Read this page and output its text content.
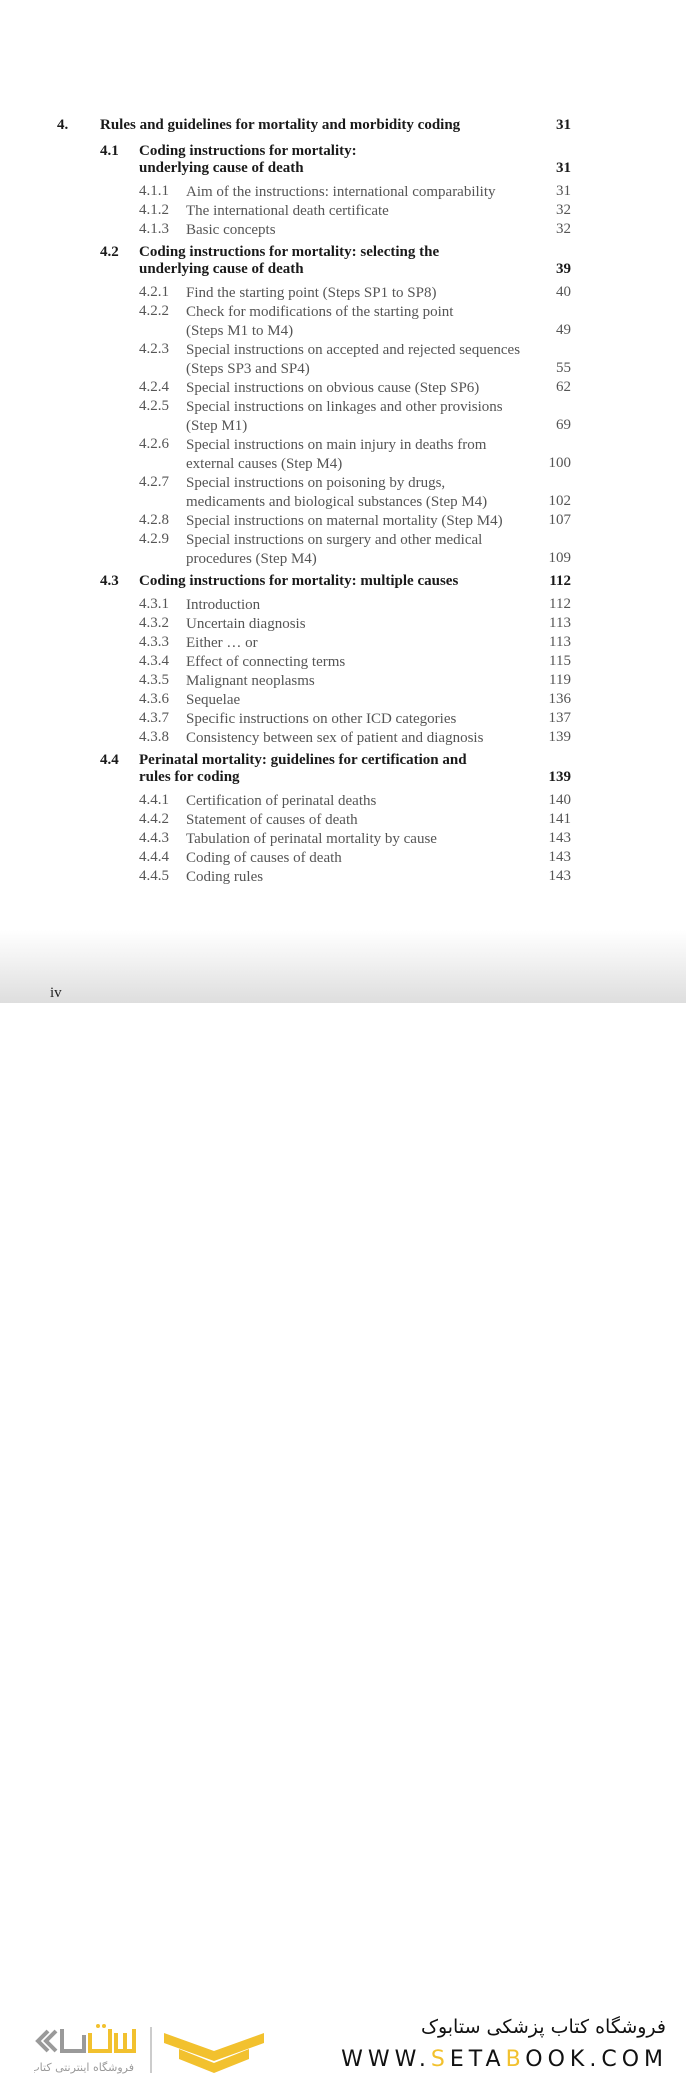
4. Rules and guidelines for mortality and morbidity coding	31
4.1 Coding instructions for mortality:
underlying cause of death	31
4.1.1 Aim of the instructions: international comparability	31
4.1.2 The international death certificate	32
4.1.3 Basic concepts	32
4.2 Coding instructions for mortality: selecting the
underlying cause of death	39
4.2.1 Find the starting point (Steps SP1 to SP8)	40
4.2.2 Check for modifications of the starting point
(Steps M1 to M4)	49
4.2.3 Special instructions on accepted and rejected sequences
(Steps SP3 and SP4)	55
4.2.4 Special instructions on obvious cause (Step SP6)	62
4.2.5 Special instructions on linkages and other provisions
(Step M1)	69
4.2.6 Special instructions on main injury in deaths from
external causes (Step M4)	100
4.2.7 Special instructions on poisoning by drugs,
medicaments and biological substances (Step M4)	102
4.2.8 Special instructions on maternal mortality (Step M4)	107
4.2.9 Special instructions on surgery and other medical
procedures (Step M4)	109
4.3 Coding instructions for mortality: multiple causes	112
4.3.1 Introduction	112
4.3.2 Uncertain diagnosis	113
4.3.3 Either … or	113
4.3.4 Effect of connecting terms	115
4.3.5 Malignant neoplasms	119
4.3.6 Sequelae	136
4.3.7 Specific instructions on other ICD categories	137
4.3.8 Consistency between sex of patient and diagnosis	139
4.4 Perinatal mortality: guidelines for certification and
rules for coding	139
4.4.1 Certification of perinatal deaths	140
4.4.2 Statement of causes of death	141
4.4.3 Tabulation of perinatal mortality by cause	143
4.4.4 Coding of causes of death	143
4.4.5 Coding rules	143
iv
فروشگاه اینترنتی کتاب
فروشگاه کتاب پزشکی ستابوک
WWW.SETABOOK.COM
